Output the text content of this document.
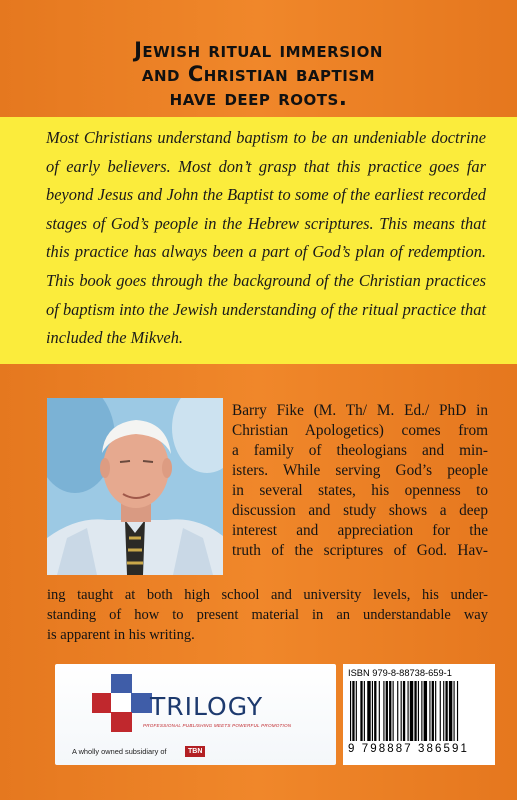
Jewish ritual immersion
and Christian baptism
have deep roots.
Most Christians understand baptism to be an undeniable doctrine of early believers. Most don’t grasp that this practice goes far beyond Jesus and John the Baptist to some of the earliest recorded stages of God’s people in the Hebrew scriptures. This means that this practice has always been a part of God’s plan of redemption. This book goes through the background of the Christian practices of baptism into the Jewish understanding of the ritual practice that included the Mikveh.
Barry Fike (M. Th/ M. Ed./ PhD in
Christian Apologetics) comes from
a family of theologians and min-
isters. While serving God’s people
in several states, his openness to
discussion and study shows a deep
interest and appreciation for the
truth of the scriptures of God. Hav-
ing taught at both high school and university levels, his under-
standing of how to present material in an understandable way
is apparent in his writing.
TRILOGY
PROFESSIONAL PUBLISHING MEETS POWERFUL PROMOTION
A wholly owned subsidiary of	TBN
ISBN 979-8-88738-659-1
9 798887 386591
